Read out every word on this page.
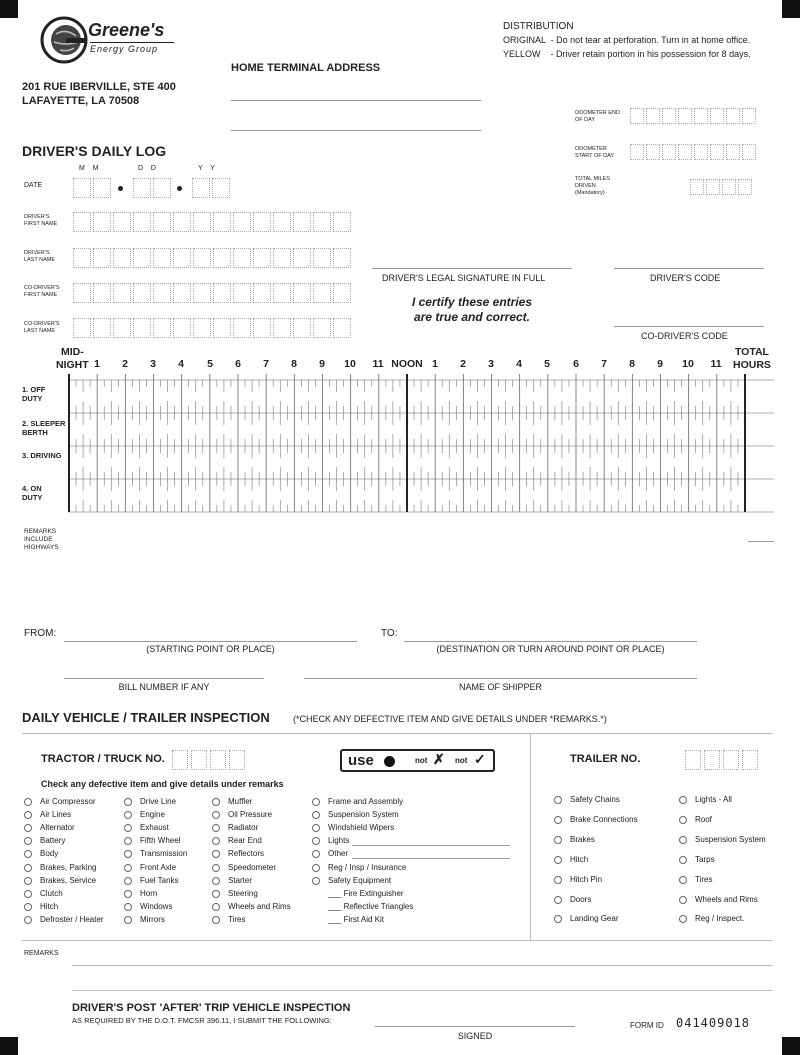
Greene's
Energy Group
201 RUE IBERVILLE, STE 400
LAFAYETTE, LA 70508
HOME TERMINAL ADDRESS
DISTRIBUTION
ORIGINAL  - Do not tear at perforation. Turn in at home office.
YELLOW    - Driver retain portion in his possession for 8 days.
ODOMETER END OF DAY
ODOMETER START OF DAY
TOTAL MILES DRIVEN (Mandatory)
DRIVER'S DAILY LOG
M    M	D    D	Y    Y
DATE
DRIVER'S FIRST NAME
DRIVER'S LAST NAME
CO-DRIVER'S FIRST NAME
CO-DRIVER'S LAST NAME
DRIVER'S LEGAL SIGNATURE IN FULL	DRIVER'S CODE
I certify these entries
are true and correct.
CO-DRIVER'S CODE
MID-
NIGHT 1 2 3 4 5 6 7 8 9 10 11 NOON 1 2 3 4 5 6 7 8 9 10 11
TOTAL
HOURS
1. OFF
DUTY
2. SLEEPER
BERTH
3. DRIVING
4. ON
DUTY
REMARKS
INCLUDE
HIGHWAYS
FROM:
(STARTING POINT OR PLACE)
TO:
(DESTINATION OR TURN AROUND POINT OR PLACE)
BILL NUMBER IF ANY	NAME OF SHIPPER
DAILY VEHICLE / TRAILER INSPECTION	(*CHECK ANY DEFECTIVE ITEM AND GIVE DETAILS UNDER *REMARKS.*)
TRACTOR / TRUCK NO.	use	not ✗ not ✓	TRAILER NO.
Check any defective item and give details under remarks
Air Compressor
Air Lines
Alternator
Battery
Body
Brakes, Parking
Brakes, Service
Clutch
Hitch
Defroster / Heater
Drive Line
Engine
Exhaust
Fifth Wheel
Transmission
Front Axle
Fuel Tanks
Horn
Windows
Mirrors
Muffler
Oil Pressure
Radiator
Rear End
Reflectors
Speedometer
Starter
Steering
Wheels and Rims
Tires
Frame and Assembly
Suspension System
Windshield Wipers
Lights
Other
Reg / Insp / Insurance
Safety Equipment
___ Fire Extinguisher
___ Reflective Triangles
___ First Aid Kit
Safety Chains
Brake Connections
Brakes
Hitch
Hitch Pin
Doors
Landing Gear
Lights - All
Roof
Suspension System
Tarps
Tires
Wheels and Rims
Reg / Inspect.
REMARKS
DRIVER'S POST 'AFTER' TRIP VEHICLE INSPECTION
AS REQUIRED BY THE D.O.T. FMCSR 396.11, I SUBMIT THE FOLLOWING:
SIGNED
FORM ID 041409018
